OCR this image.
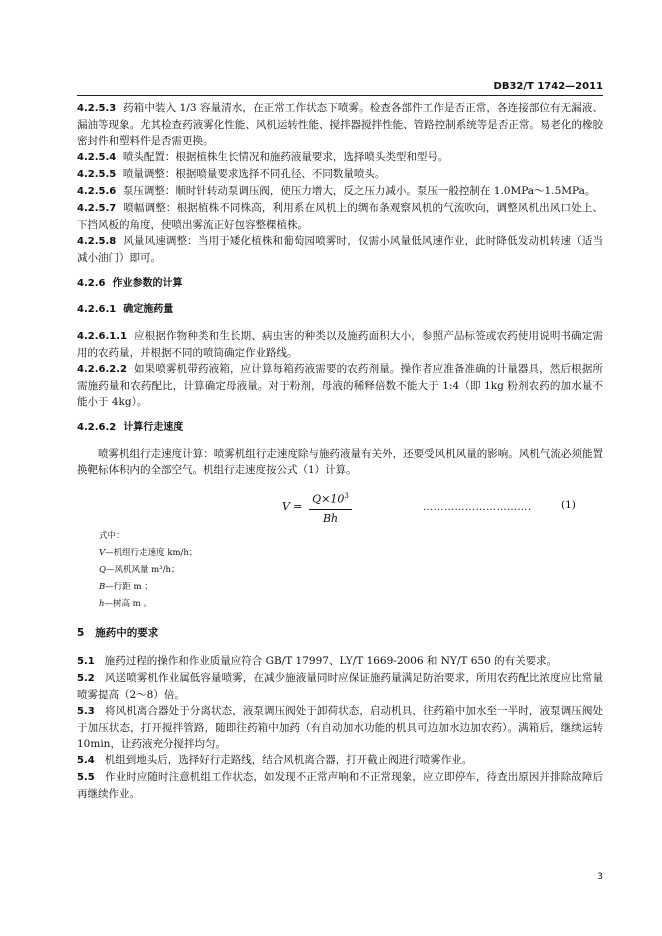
DB32/T 1742—2011

4.2.5.3 药箱中装入 1/3 容量清水，在正常工作状态下喷雾。检查各部件工作是否正常，各连接部位有无漏液、漏油等现象。尤其检查药液雾化性能、风机运转性能、搅拌器搅拌性能、管路控制系统等是否正常。易老化的橡胶密封件和塑料件是否需更换。

4.2.5.4 喷头配置：根据植株生长情况和施药液量要求，选择喷头类型和型号。

4.2.5.5 喷量调整：根据喷量要求选择不同孔径、不同数量喷头。

4.2.5.6 泵压调整：顺时针转动泵调压阀，使压力增大，反之压力减小。泵压一般控制在 1.0MPa～1.5MPa。

4.2.5.7 喷幅调整：根据植株不同株高，利用系在风机上的绸布条观察风机的气流吹向，调整风机出风口处上、下挡风板的角度，使喷出雾流正好包容整棵植株。

4.2.5.8 风量风速调整：当用于矮化植株和葡萄园喷雾时，仅需小风量低风速作业，此时降低发动机转速（适当减小油门）即可。

4.2.6 作业参数的计算

4.2.6.1 确定施药量

4.2.6.1.1 应根据作物种类和生长期、病虫害的种类以及施药面积大小，参照产品标签或农药使用说明书确定需用的农药量，并根据不同的喷筒确定作业路线。

4.2.6.2.2 如果喷雾机带药液箱，应计算每箱药液需要的农药剂量。操作者应准备准确的计量器具，然后根据所需施药量和农药配比，计算确定母液量。对于粉剂，母液的稀释倍数不能大于 1:4（即 1kg 粉剂农药的加水量不能小于 4kg）。

4.2.6.2 计算行走速度

喷雾机组行走速度计算：喷雾机组行走速度除与施药液量有关外，还要受风机风量的影响。风机气流必须能置换靶标体积内的全部空气。机组行走速度按公式（1）计算。

$V = \frac{Q\times 10^3}{Bh}$	………………………….	(1)
式中：
V—机组行走速度 km/h；
Q—风机风量 m³/h；
B—行距 m ；
h—树高 m 。

5 施药中的要求

5.1 施药过程的操作和作业质量应符合 GB/T 17997、LY/T 1669-2006 和 NY/T 650 的有关要求。

5.2 风送喷雾机作业属低容量喷雾，在减少施液量同时应保证施药量满足防治要求，所用农药配比浓度应比常量喷雾提高（2～8）倍。

5.3 将风机离合器处于分离状态，液泵调压阀处于卸荷状态，启动机具，往药箱中加水至一半时，液泵调压阀处于加压状态，打开搅拌管路，随即往药箱中加药（有自动加水功能的机具可边加水边加农药）。满箱后，继续运转 10min，让药液充分搅拌均匀。

5.4 机组到地头后，选择好行走路线，结合风机离合器，打开截止阀进行喷雾作业。

5.5 作业时应随时注意机组工作状态，如发现不正常声响和不正常现象，应立即停车，待查出原因并排除故障后再继续作业。

3
